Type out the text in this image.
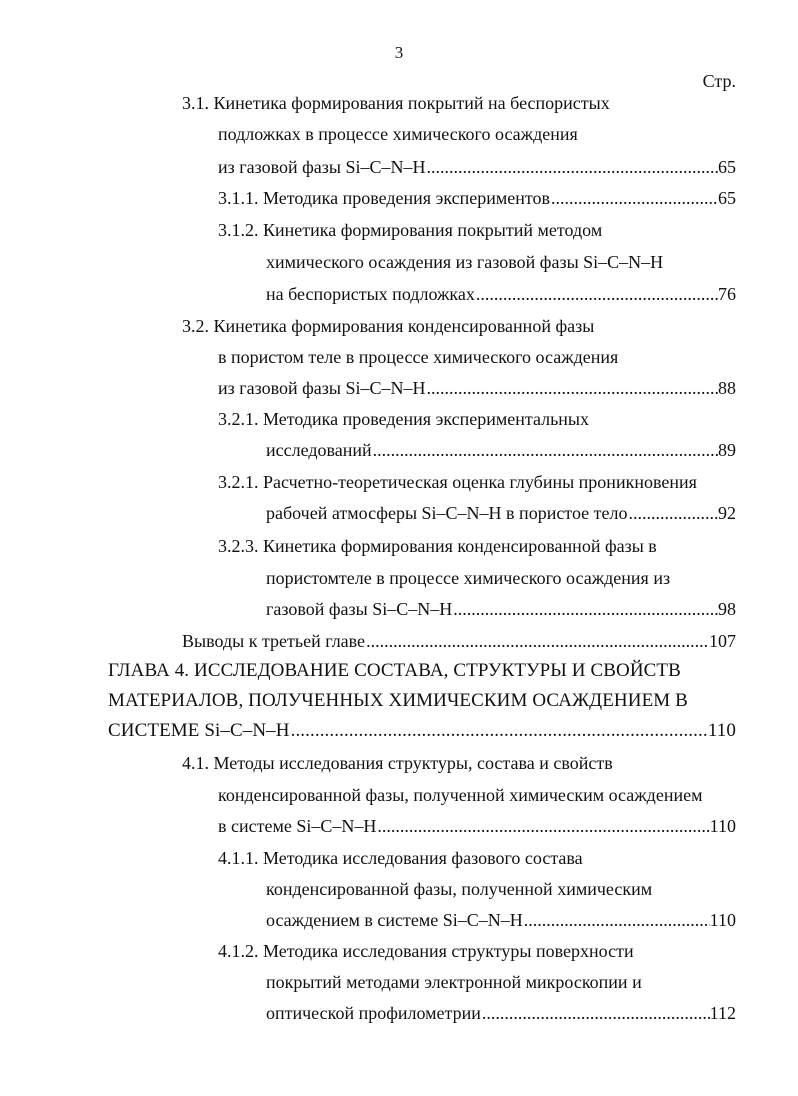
3
Стр.
3.1. Кинетика формирования покрытий на беспористых
подложках в процессе химического осаждения
из газовой фазы Si–C–N–H .....	65
3.1.1. Методика проведения экспериментов .....	65
3.1.2. Кинетика формирования покрытий методом
химического осаждения из газовой фазы Si–C–N–H
на беспористых подложках .....	76
3.2. Кинетика формирования конденсированной фазы
в пористом теле в процессе химического осаждения
из газовой фазы Si–C–N–H .....	88
3.2.1. Методика проведения экспериментальных
исследований .....	89
3.2.1. Расчетно-теоретическая оценка глубины проникновения
рабочей атмосферы Si–C–N–H в пористое тело .....	92
3.2.3. Кинетика формирования конденсированной фазы в
пористомтеле в процессе химического осаждения из
газовой фазы Si–C–N–H .....	98
Выводы к третьей главе .....	107
ГЛАВА 4. ИССЛЕДОВАНИЕ СОСТАВА, СТРУКТУРЫ И СВОЙСТВ
МАТЕРИАЛОВ, ПОЛУЧЕННЫХ ХИМИЧЕСКИМ ОСАЖДЕНИЕМ В
СИСТЕМЕ Si–C–N–H .....	110
4.1. Методы исследования структуры, состава и свойств
конденсированной фазы, полученной химическим осаждением
в системе Si–C–N–H .....	110
4.1.1. Методика исследования фазового состава
конденсированной фазы, полученной химическим
осаждением в системе Si–C–N–H .....	110
4.1.2. Методика исследования структуры поверхности
покрытий методами электронной микроскопии и
оптической профилометрии .....	112
